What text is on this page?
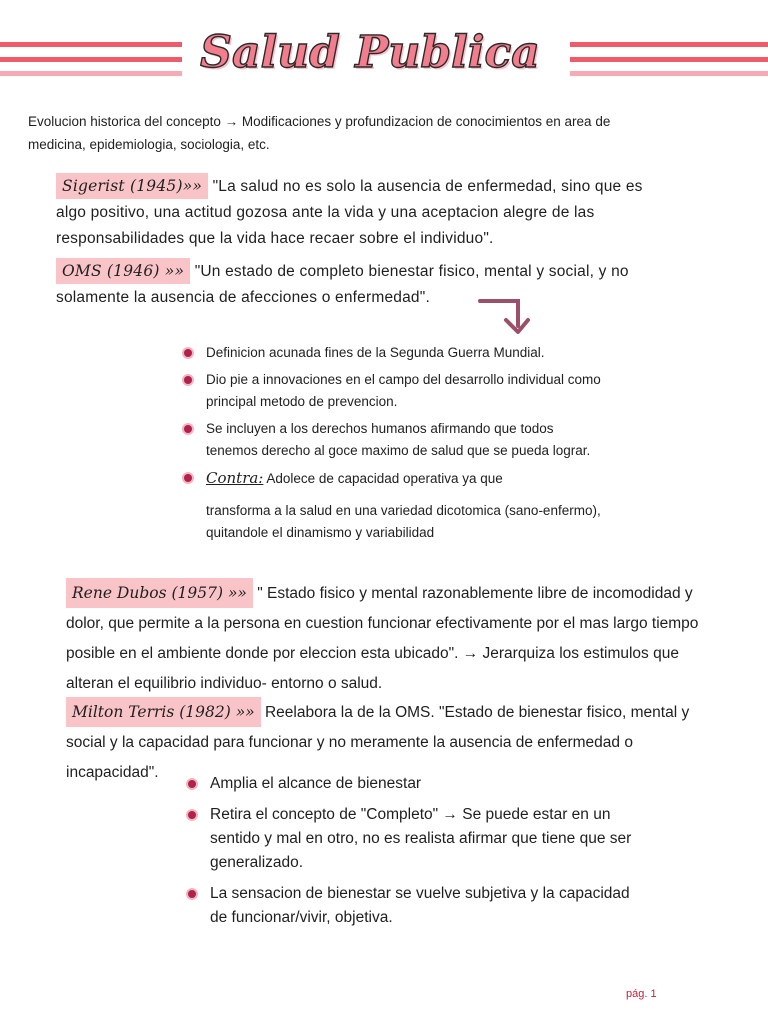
Salud Publica
Evolucion historica del concepto → Modificaciones y profundizacion de conocimientos en area de medicina, epidemiologia, sociologia, etc.
Sigerist (1945)»» "La salud no es solo la ausencia de enfermedad, sino que es algo positivo, una actitud gozosa ante la vida y una aceptacion alegre de las responsabilidades que la vida hace recaer sobre el individuo".
OMS (1946) »» "Un estado de completo bienestar fisico, mental y social, y no solamente la ausencia de afecciones o enfermedad".
Definicion acunada fines de la Segunda Guerra Mundial.
Dio pie a innovaciones en el campo del desarrollo individual como principal metodo de prevencion.
Se incluyen a los derechos humanos afirmando que todos tenemos derecho al goce maximo de salud que se pueda lograr.
Contra: Adolece de capacidad operativa ya que
transforma a la salud en una variedad dicotomica (sano-enfermo), quitandole el dinamismo y variabilidad
Rene Dubos (1957) »» " Estado fisico y mental razonablemente libre de incomodidad y dolor, que permite a la persona en cuestion funcionar efectivamente por el mas largo tiempo posible en el ambiente donde por eleccion esta ubicado". → Jerarquiza los estimulos que alteran el equilibrio individuo- entorno o salud.
Milton Terris (1982) »» Reelabora la de la OMS. "Estado de bienestar fisico, mental y social y la capacidad para funcionar y no meramente la ausencia de enfermedad o incapacidad".
Amplia el alcance de bienestar
Retira el concepto de "Completo" → Se puede estar en un sentido y mal en otro, no es realista afirmar que tiene que ser generalizado.
La sensacion de bienestar se vuelve subjetiva y la capacidad de funcionar/vivir, objetiva.
pág. 1
